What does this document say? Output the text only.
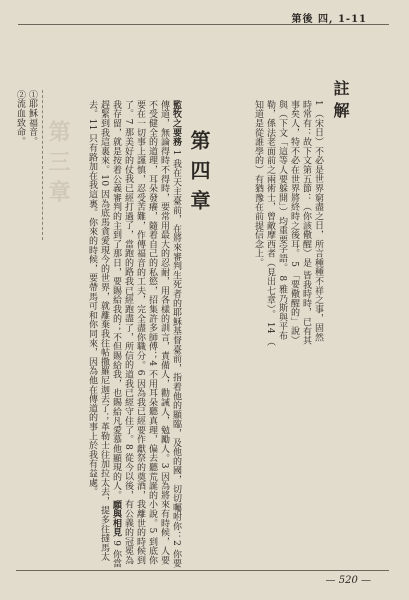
第後 四, 1-11
註解
1 （宋日）不必是世界窮盡之日，所言種種不祥之事，固然時常有：故下文第五節：（你該儆醒）是 皆我時時，已有其事矣人，特不必在世界將終時之後耳。 5 「要儆醒的」說）與（下文「這等人要躲開」）均重要字語。 8 雅乃斯與平布勒，係法老面前之兩術士，曾敵摩西者（見出七章）。 14 （ 知道是從誰學的）有猶豫在前提信念上。
第四章
監牧之要務 1 我在天主臺前，在將來審判生死者的耶穌基督臺前，指着他的顯臨，及他的國，切切囑咐你：2 你要傳道，無論得時不得時，要常用最大的忍耐，用各樣的訓言，責備人，勸誡人，勉勵人。3 因為將來有時候，人要不受健全的道理，耳朵發癢，隨着自己的私慾，招集許多師傅；4 不用耳朵聽真理，偏去聽荒誕的小說。5 到底你要在一切事上謹慎，忍受苦難，作傳福音的工夫，完全盡你職分。6 因為我已經要作獻祭的奠酒，我離世的時候到了。7 那美好的仗我已經打過了，當跑的路我已經跑盡了，所信的道我已經守住了。8 從今以後，有公義的冠冕為我存留，就是按着公義審判的主到了那日，要賜給我的；不但賜給我，也賜給凡愛慕他顯現的人。願與相見 9 你當趕緊到我這裏來。10 因為底馬貪愛現今的世界，就離棄我往帖撒羅尼迦去了；革勒士往加拉太去，提多往撻馬太去。11 只有路加在我這裏。你來的時候，要帶馬可和你同來，因為他在傳道的事上於我有益處。
第三章
①耶穌福音。
②流血致命。
— 520 —
